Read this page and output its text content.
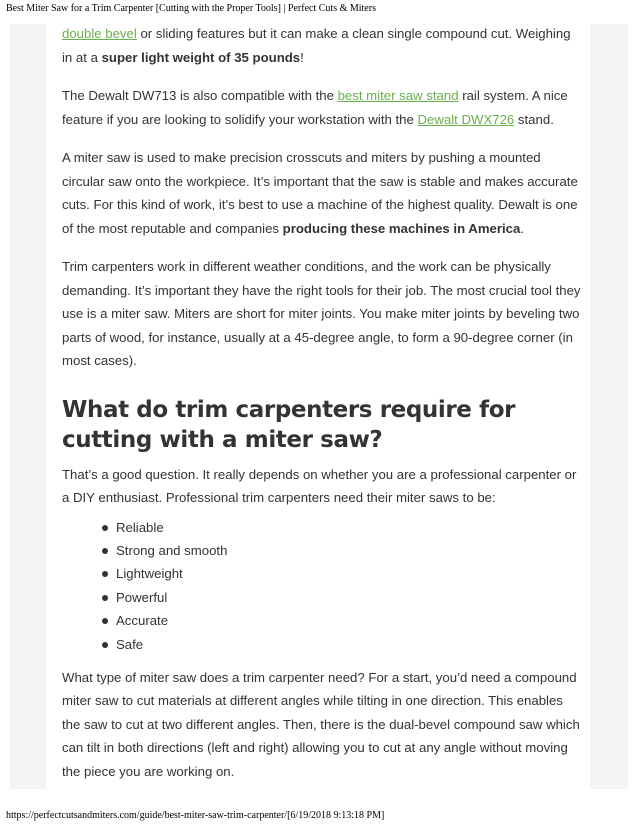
Best Miter Saw for a Trim Carpenter [Cutting with the Proper Tools] | Perfect Cuts & Miters

double bevel or sliding features but it can make a clean single compound cut. Weighing in at a super light weight of 35 pounds!

The Dewalt DW713 is also compatible with the best miter saw stand rail system. A nice feature if you are looking to solidify your workstation with the Dewalt DWX726 stand.

A miter saw is used to make precision crosscuts and miters by pushing a mounted circular saw onto the workpiece. It’s important that the saw is stable and makes accurate cuts. For this kind of work, it’s best to use a machine of the highest quality. Dewalt is one of the most reputable and companies producing these machines in America.

Trim carpenters work in different weather conditions, and the work can be physically demanding. It’s important they have the right tools for their job. The most crucial tool they use is a miter saw. Miters are short for miter joints. You make miter joints by beveling two parts of wood, for instance, usually at a 45-degree angle, to form a 90-degree corner (in most cases).

What do trim carpenters require for cutting with a miter saw?

That’s a good question. It really depends on whether you are a professional carpenter or a DIY enthusiast. Professional trim carpenters need their miter saws to be:

Reliable
Strong and smooth
Lightweight
Powerful
Accurate
Safe

What type of miter saw does a trim carpenter need? For a start, you’d need a compound miter saw to cut materials at different angles while tilting in one direction. This enables the saw to cut at two different angles. Then, there is the dual-bevel compound saw which can tilt in both directions (left and right) allowing you to cut at any angle without moving the piece you are working on.

https://perfectcutsandmiters.com/guide/best-miter-saw-trim-carpenter/[6/19/2018 9:13:18 PM]
